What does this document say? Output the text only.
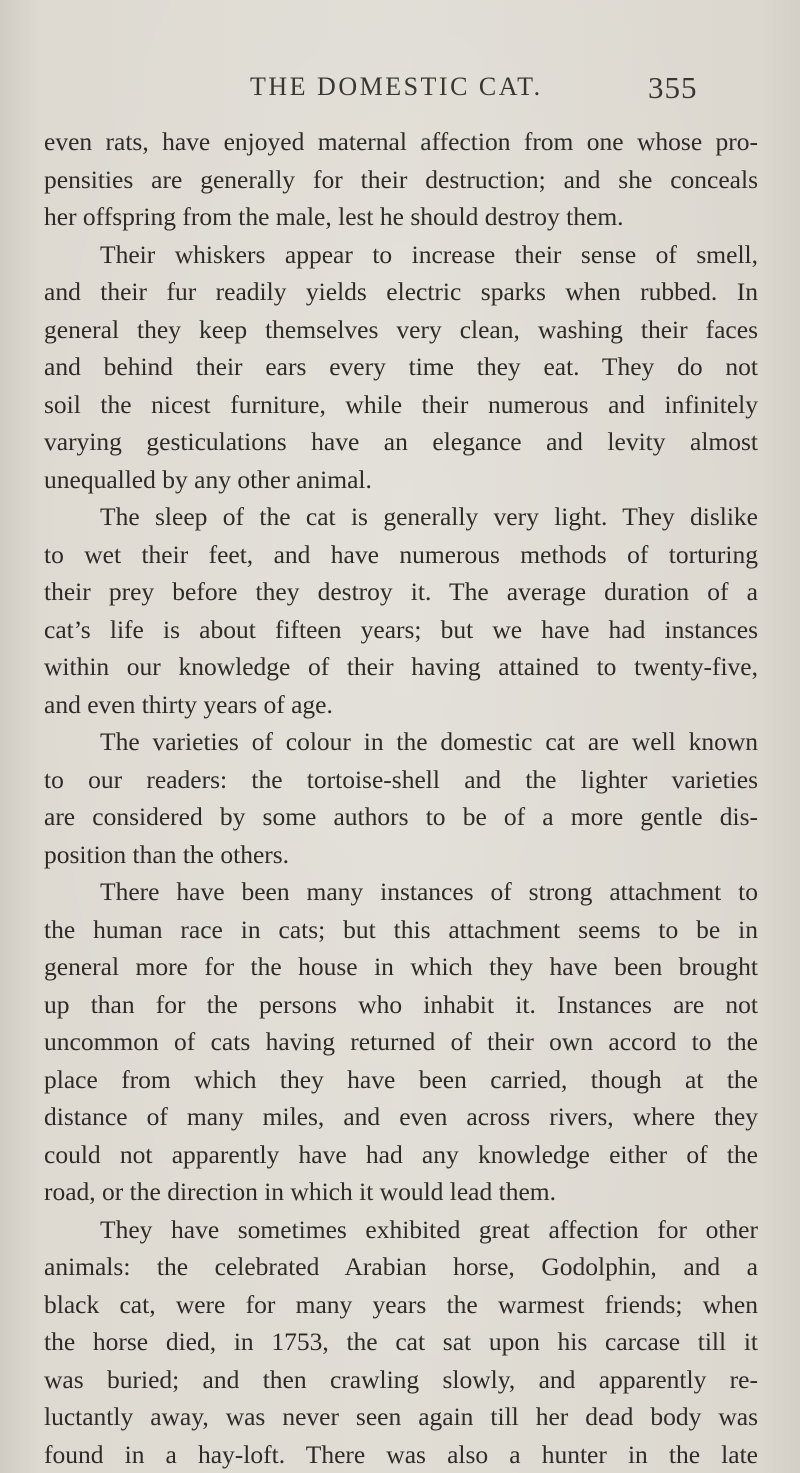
THE DOMESTIC CAT.	355
even rats, have enjoyed maternal affection from one whose pro-
pensities are generally for their destruction; and she conceals
her offspring from the male, lest he should destroy them.
Their whiskers appear to increase their sense of smell,
and their fur readily yields electric sparks when rubbed. In
general they keep themselves very clean, washing their faces
and behind their ears every time they eat. They do not
soil the nicest furniture, while their numerous and infinitely
varying gesticulations have an elegance and levity almost
unequalled by any other animal.
The sleep of the cat is generally very light. They dislike
to wet their feet, and have numerous methods of torturing
their prey before they destroy it. The average duration of a
cat’s life is about fifteen years; but we have had instances
within our knowledge of their having attained to twenty-five,
and even thirty years of age.
The varieties of colour in the domestic cat are well known
to our readers: the tortoise-shell and the lighter varieties
are considered by some authors to be of a more gentle dis-
position than the others.
There have been many instances of strong attachment to
the human race in cats; but this attachment seems to be in
general more for the house in which they have been brought
up than for the persons who inhabit it. Instances are not
uncommon of cats having returned of their own accord to the
place from which they have been carried, though at the
distance of many miles, and even across rivers, where they
could not apparently have had any knowledge either of the
road, or the direction in which it would lead them.
They have sometimes exhibited great affection for other
animals: the celebrated Arabian horse, Godolphin, and a
black cat, were for many years the warmest friends; when
the horse died, in 1753, the cat sat upon his carcase till it
was buried; and then crawling slowly, and apparently re-
luctantly away, was never seen again till her dead body was
found in a hay-loft. There was also a hunter in the late
